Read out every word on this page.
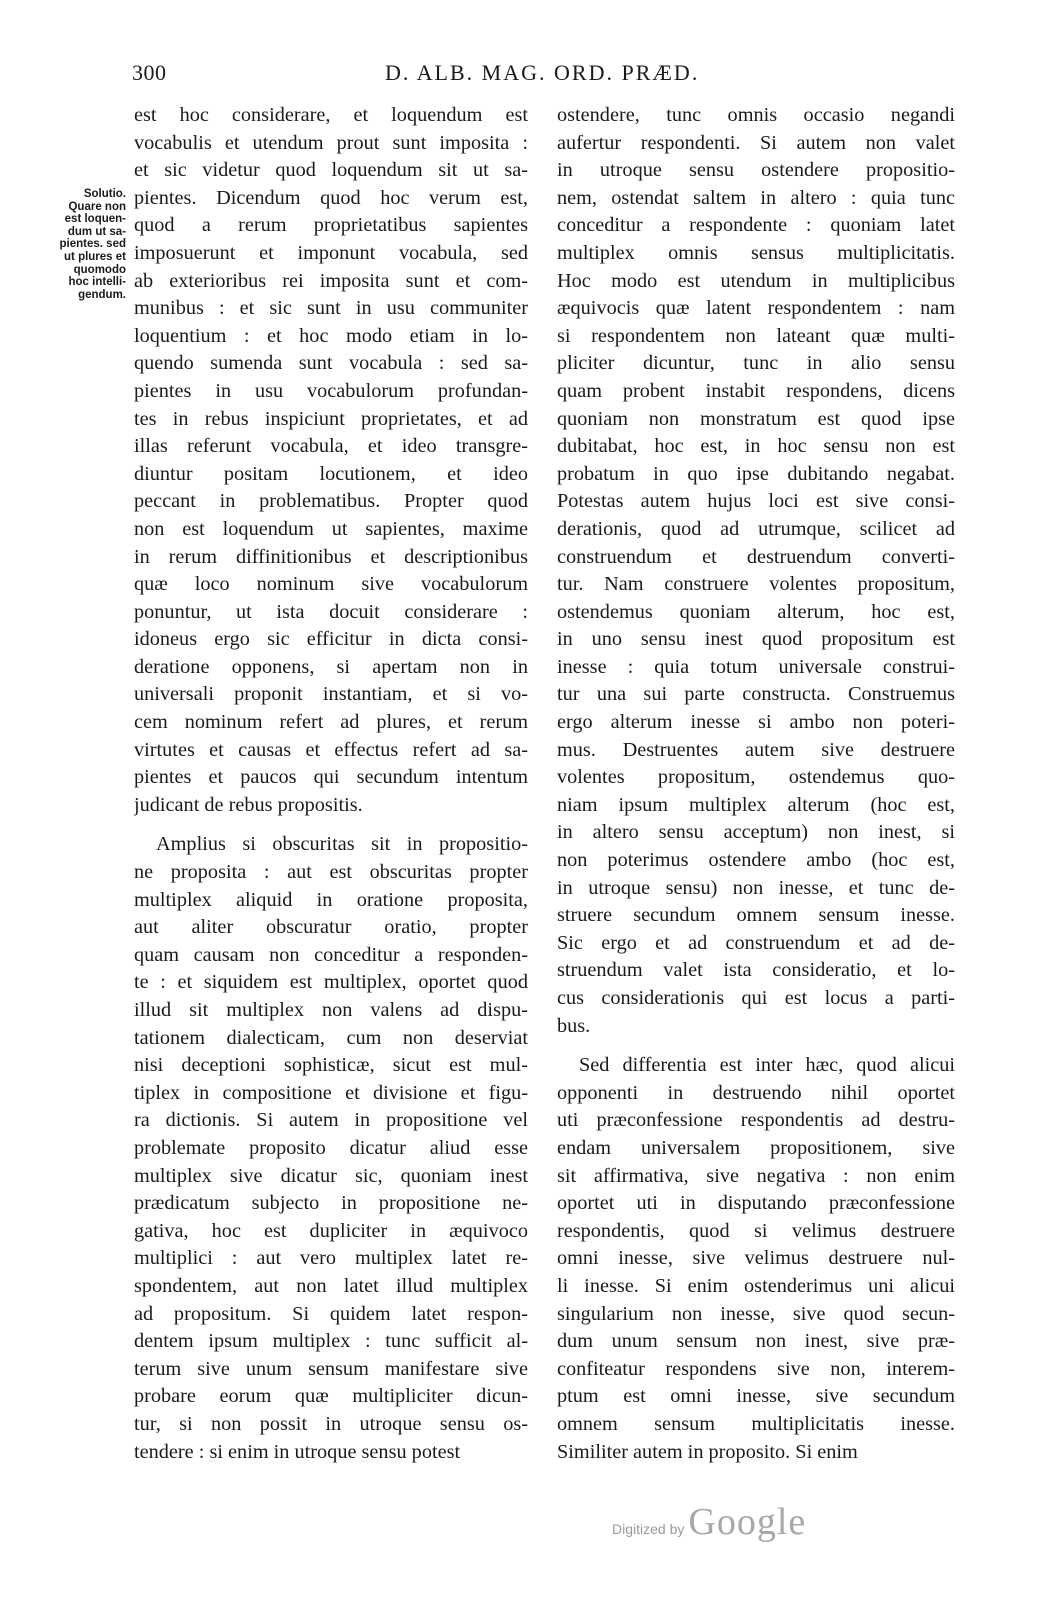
300	D. ALB. MAG. ORD. PRÆD.
Solutio.
Quare non
est loquen-
dum ut sa-
pientes. sed
ut plures et
quomodo
hoc intelli-
gendum.
est hoc considerare, et loquendum est
vocabulis et utendum prout sunt imposita :
et sic videtur quod loquendum sit ut sa-
pientes. Dicendum quod hoc verum est,
quod a rerum proprietatibus sapientes
imposuerunt et imponunt vocabula, sed
ab exterioribus rei imposita sunt et com-
munibus : et sic sunt in usu communiter
loquentium : et hoc modo etiam in lo-
quendo sumenda sunt vocabula : sed sa-
pientes in usu vocabulorum profundan-
tes in rebus inspiciunt proprietates, et ad
illas referunt vocabula, et ideo transgre-
diuntur positam locutionem, et ideo
peccant in problematibus. Propter quod
non est loquendum ut sapientes, maxime
in rerum diffinitionibus et descriptionibus
quæ loco nominum sive vocabulorum
ponuntur, ut ista docuit considerare :
idoneus ergo sic efficitur in dicta consi-
deratione opponens, si apertam non in
universali proponit instantiam, et si vo-
cem nominum refert ad plures, et rerum
virtutes et causas et effectus refert ad sa-
pientes et paucos qui secundum intentum
judicant de rebus propositis.
Amplius si obscuritas sit in propositio-
ne proposita : aut est obscuritas propter
multiplex aliquid in oratione proposita,
aut aliter obscuratur oratio, propter
quam causam non conceditur a responden-
te : et siquidem est multiplex, oportet quod
illud sit multiplex non valens ad dispu-
tationem dialecticam, cum non deserviat
nisi deceptioni sophisticæ, sicut est mul-
tiplex in compositione et divisione et figu-
ra dictionis. Si autem in propositione vel
problemate proposito dicatur aliud esse
multiplex sive dicatur sic, quoniam inest
prædicatum subjecto in propositione ne-
gativa, hoc est dupliciter in æquivoco
multiplici : aut vero multiplex latet re-
spondentem, aut non latet illud multiplex
ad propositum. Si quidem latet respon-
dentem ipsum multiplex : tunc sufficit al-
terum sive unum sensum manifestare sive
probare eorum quæ multipliciter dicun-
tur, si non possit in utroque sensu os-
tendere : si enim in utroque sensu potest
ostendere, tunc omnis occasio negandi
aufertur respondenti. Si autem non valet
in utroque sensu ostendere propositio-
nem, ostendat saltem in altero : quia tunc
conceditur a respondente : quoniam latet
multiplex omnis sensus multiplicitatis.
Hoc modo est utendum in multiplicibus
æquivocis quæ latent respondentem : nam
si respondentem non lateant quæ multi-
pliciter dicuntur, tunc in alio sensu
quam probent instabit respondens, dicens
quoniam non monstratum est quod ipse
dubitabat, hoc est, in hoc sensu non est
probatum in quo ipse dubitando negabat.
Potestas autem hujus loci est sive consi-
derationis, quod ad utrumque, scilicet ad
construendum et destruendum converti-
tur. Nam construere volentes propositum,
ostendemus quoniam alterum, hoc est,
in uno sensu inest quod propositum est
inesse : quia totum universale construi-
tur una sui parte constructa. Construemus
ergo alterum inesse si ambo non poteri-
mus. Destruentes autem sive destruere
volentes propositum, ostendemus quo-
niam ipsum multiplex alterum (hoc est,
in altero sensu acceptum) non inest, si
non poterimus ostendere ambo (hoc est,
in utroque sensu) non inesse, et tunc de-
struere secundum omnem sensum inesse.
Sic ergo et ad construendum et ad de-
struendum valet ista consideratio, et lo-
cus considerationis qui est locus a parti-
bus.
Sed differentia est inter hæc, quod alicui
opponenti in destruendo nihil oportet
uti præconfessione respondentis ad destru-
endam universalem propositionem, sive
sit affirmativa, sive negativa : non enim
oportet uti in disputando præconfessione
respondentis, quod si velimus destruere
omni inesse, sive velimus destruere nul-
li inesse. Si enim ostenderimus uni alicui
singularium non inesse, sive quod secun-
dum unum sensum non inest, sive præ-
confiteatur respondens sive non, interem-
ptum est omni inesse, sive secundum
omnem sensum multiplicitatis inesse.
Similiter autem in proposito. Si enim
Digitized by Google
